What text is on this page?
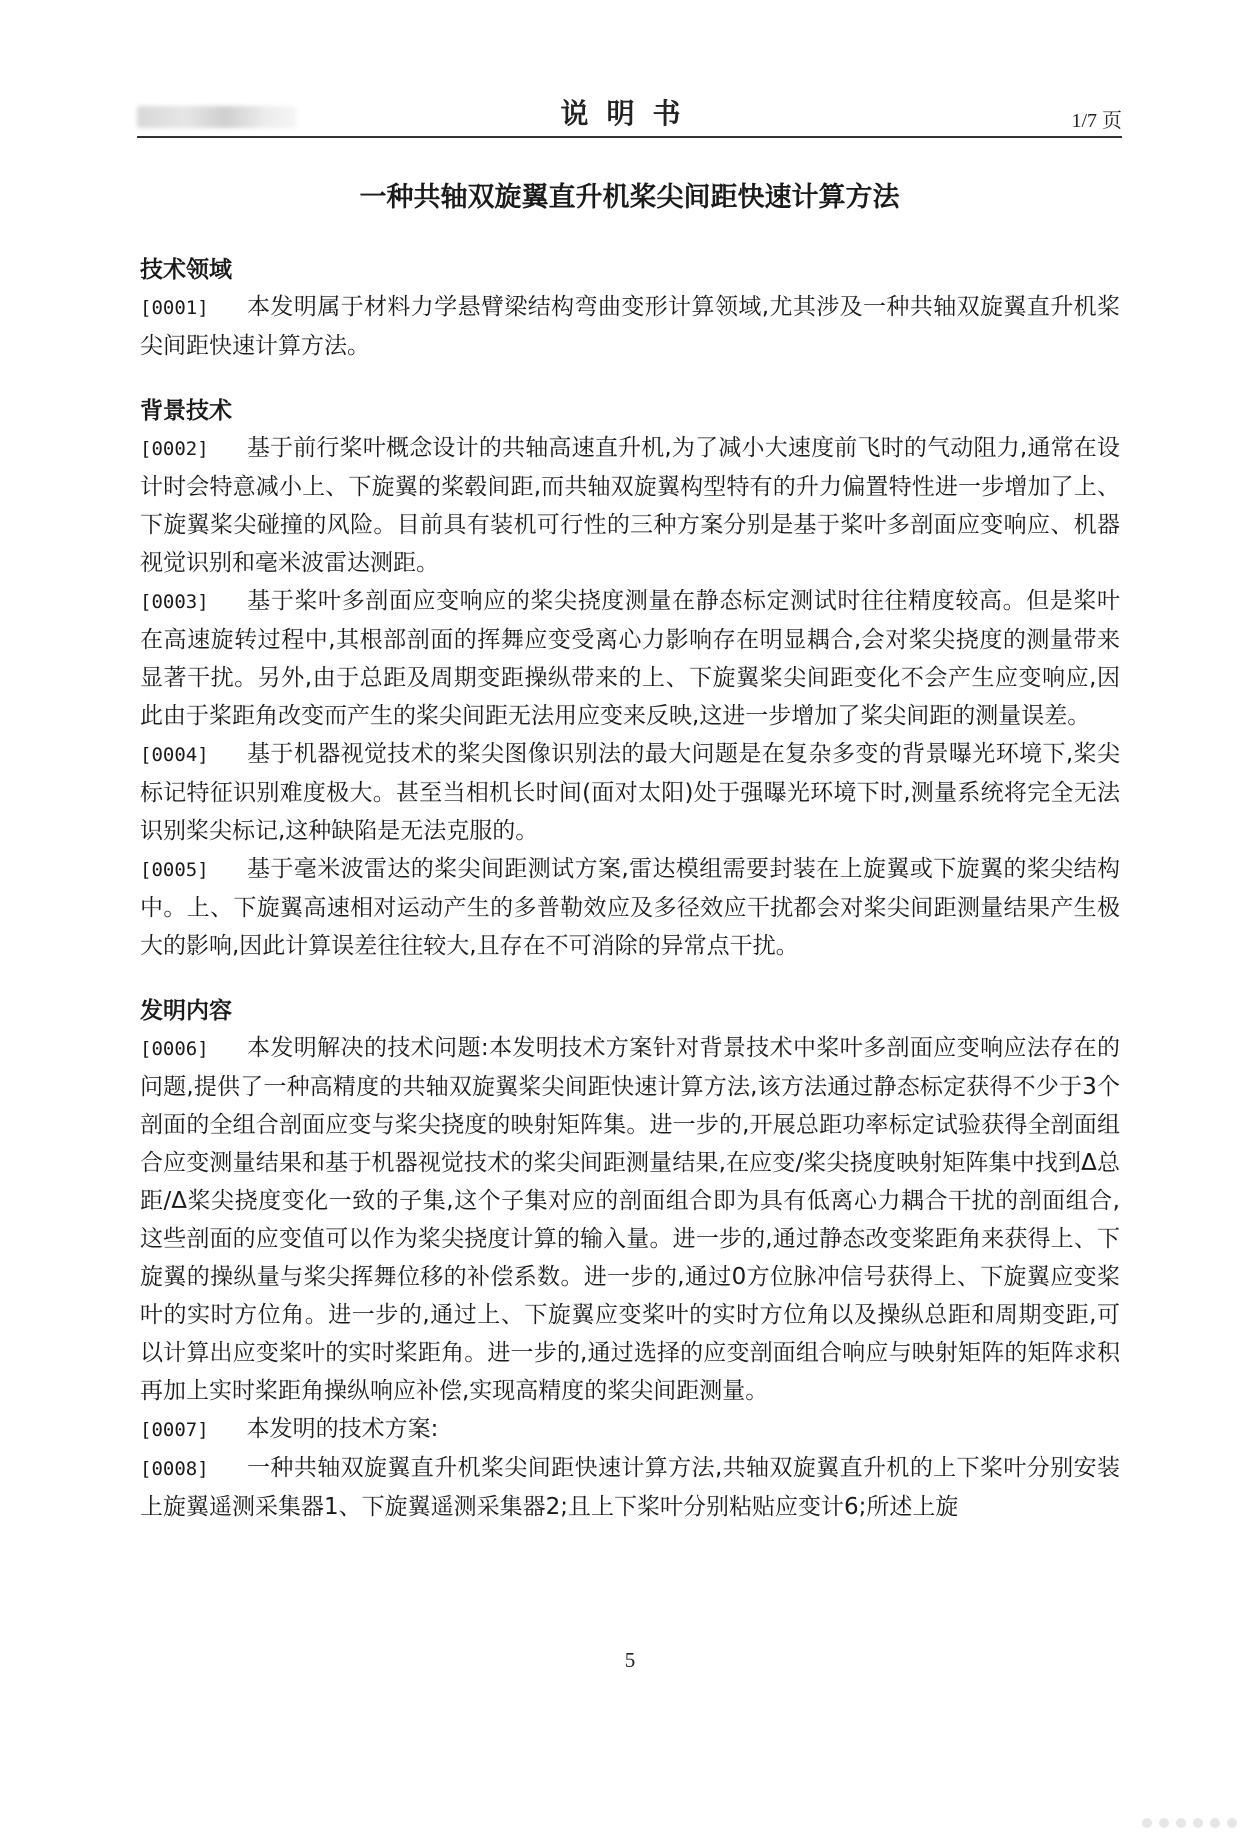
说明书	1/7 页
一种共轴双旋翼直升机桨尖间距快速计算方法

技术领域

[0001] 本发明属于材料力学悬臂梁结构弯曲变形计算领域,尤其涉及一种共轴双旋翼直升机桨尖间距快速计算方法。

背景技术

[0002] 基于前行桨叶概念设计的共轴高速直升机,为了减小大速度前飞时的气动阻力,通常在设计时会特意减小上、下旋翼的桨毂间距,而共轴双旋翼构型特有的升力偏置特性进一步增加了上、下旋翼桨尖碰撞的风险。目前具有装机可行性的三种方案分别是基于桨叶多剖面应变响应、机器视觉识别和毫米波雷达测距。

[0003] 基于桨叶多剖面应变响应的桨尖挠度测量在静态标定测试时往往精度较高。但是桨叶在高速旋转过程中,其根部剖面的挥舞应变受离心力影响存在明显耦合,会对桨尖挠度的测量带来显著干扰。另外,由于总距及周期变距操纵带来的上、下旋翼桨尖间距变化不会产生应变响应,因此由于桨距角改变而产生的桨尖间距无法用应变来反映,这进一步增加了桨尖间距的测量误差。

[0004] 基于机器视觉技术的桨尖图像识别法的最大问题是在复杂多变的背景曝光环境下,桨尖标记特征识别难度极大。甚至当相机长时间(面对太阳)处于强曝光环境下时,测量系统将完全无法识别桨尖标记,这种缺陷是无法克服的。

[0005] 基于毫米波雷达的桨尖间距测试方案,雷达模组需要封装在上旋翼或下旋翼的桨尖结构中。上、下旋翼高速相对运动产生的多普勒效应及多径效应干扰都会对桨尖间距测量结果产生极大的影响,因此计算误差往往较大,且存在不可消除的异常点干扰。

发明内容

[0006] 本发明解决的技术问题:本发明技术方案针对背景技术中桨叶多剖面应变响应法存在的问题,提供了一种高精度的共轴双旋翼桨尖间距快速计算方法,该方法通过静态标定获得不少于3个剖面的全组合剖面应变与桨尖挠度的映射矩阵集。进一步的,开展总距功率标定试验获得全剖面组合应变测量结果和基于机器视觉技术的桨尖间距测量结果,在应变/桨尖挠度映射矩阵集中找到Δ总距/Δ桨尖挠度变化一致的子集,这个子集对应的剖面组合即为具有低离心力耦合干扰的剖面组合,这些剖面的应变值可以作为桨尖挠度计算的输入量。进一步的,通过静态改变桨距角来获得上、下旋翼的操纵量与桨尖挥舞位移的补偿系数。进一步的,通过0方位脉冲信号获得上、下旋翼应变桨叶的实时方位角。进一步的,通过上、下旋翼应变桨叶的实时方位角以及操纵总距和周期变距,可以计算出应变桨叶的实时桨距角。进一步的,通过选择的应变剖面组合响应与映射矩阵的矩阵求积再加上实时桨距角操纵响应补偿,实现高精度的桨尖间距测量。

[0007] 本发明的技术方案:

[0008] 一种共轴双旋翼直升机桨尖间距快速计算方法,共轴双旋翼直升机的上下桨叶分别安装上旋翼遥测采集器1、下旋翼遥测采集器2;且上下桨叶分别粘贴应变计6;所述上旋

5
